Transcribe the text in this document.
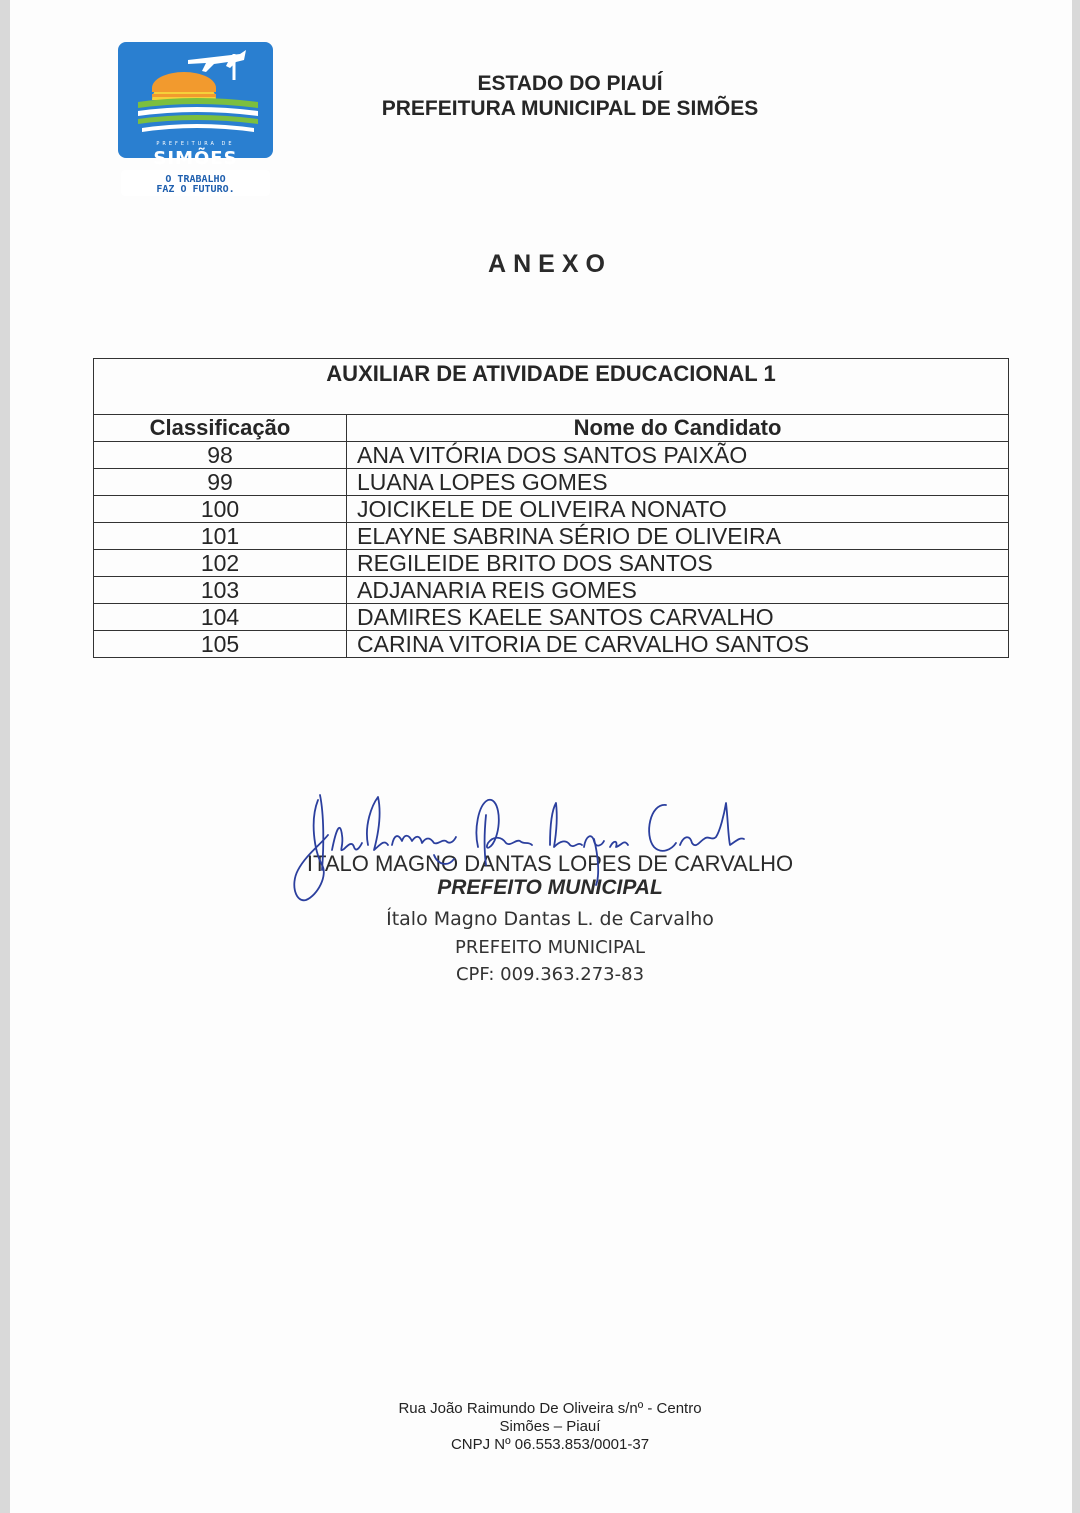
PREFEITURA DE
SIMÕES
O TRABALHO
FAZ O FUTURO.
ESTADO DO PIAUÍ
PREFEITURA MUNICIPAL DE SIMÕES
ANEXO
AUXILIAR DE ATIVIDADE EDUCACIONAL 1	
Classificação	Nome do Candidato
98	ANA VITÓRIA DOS SANTOS PAIXÃO
99	LUANA LOPES GOMES
100	JOICIKELE DE OLIVEIRA NONATO
101	ELAYNE SABRINA SÉRIO DE OLIVEIRA
102	REGILEIDE BRITO DOS SANTOS
103	ADJANARIA REIS GOMES
104	DAMIRES KAELE SANTOS CARVALHO
105	CARINA VITORIA DE CARVALHO SANTOS
ITALO MAGNO DANTAS LOPES DE CARVALHO
PREFEITO MUNICIPAL
Ítalo Magno Dantas L. de Carvalho
PREFEITO MUNICIPAL
CPF: 009.363.273-83
Rua João Raimundo De Oliveira s/nº - Centro
Simões – Piauí
CNPJ Nº 06.553.853/0001-37
